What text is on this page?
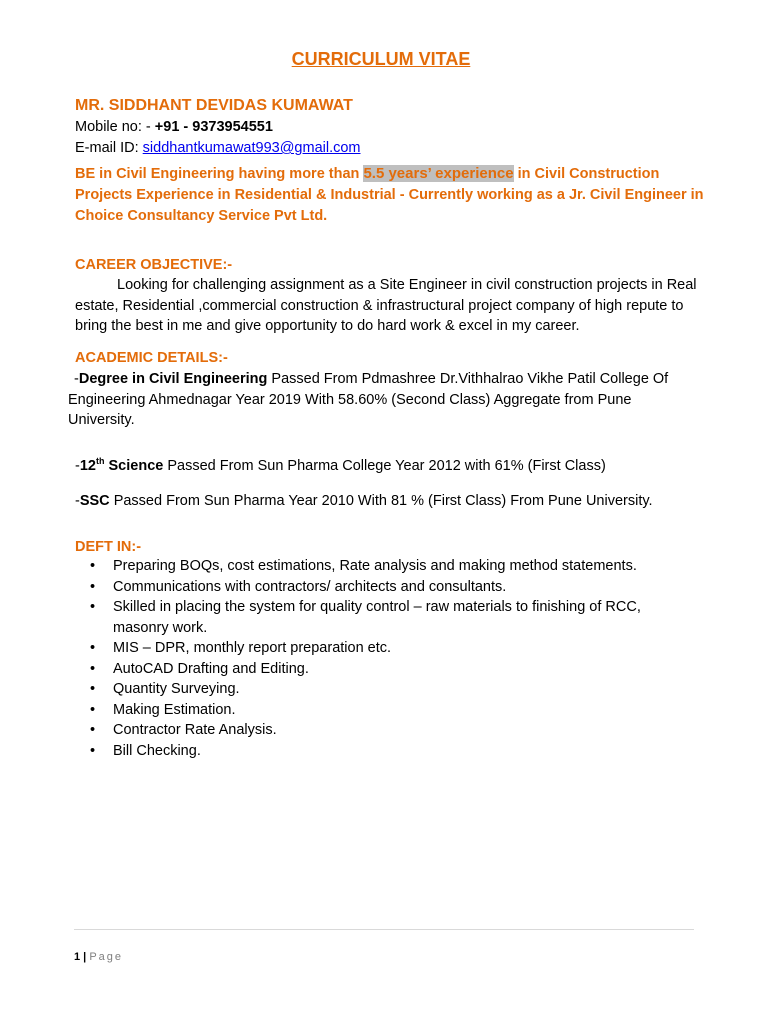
CURRICULUM VITAE
MR. SIDDHANT DEVIDAS KUMAWAT
Mobile no: - +91 - 9373954551
E-mail ID: siddhantkumawat993@gmail.com
BE in Civil Engineering having more than 5.5 years’ experience in Civil Construction Projects Experience in Residential & Industrial - Currently working as a Jr. Civil Engineer in Choice Consultancy Service Pvt Ltd.
CAREER OBJECTIVE:-
Looking for challenging assignment as a Site Engineer in civil construction projects in Real estate, Residential ,commercial construction & infrastructural project company of high repute to bring the best in me and give opportunity to do hard work & excel in my career.
ACADEMIC DETAILS:-
-Degree in Civil Engineering Passed From Pdmashree Dr.Vithhalrao Vikhe Patil College Of Engineering Ahmednagar Year 2019 With 58.60% (Second Class) Aggregate from Pune University.
-12th Science Passed From Sun Pharma College Year 2012 with 61% (First Class)
-SSC Passed From Sun Pharma Year 2010 With 81 % (First Class) From Pune University.
DEFT IN:-
• Preparing BOQs, cost estimations, Rate analysis and making method statements.
• Communications with contractors/ architects and consultants.
• Skilled in placing the system for quality control – raw materials to finishing of RCC, masonry work.
• MIS – DPR, monthly report preparation etc.
• AutoCAD Drafting and Editing.
• Quantity Surveying.
• Making Estimation.
• Contractor Rate Analysis.
• Bill Checking.
1 | Page
